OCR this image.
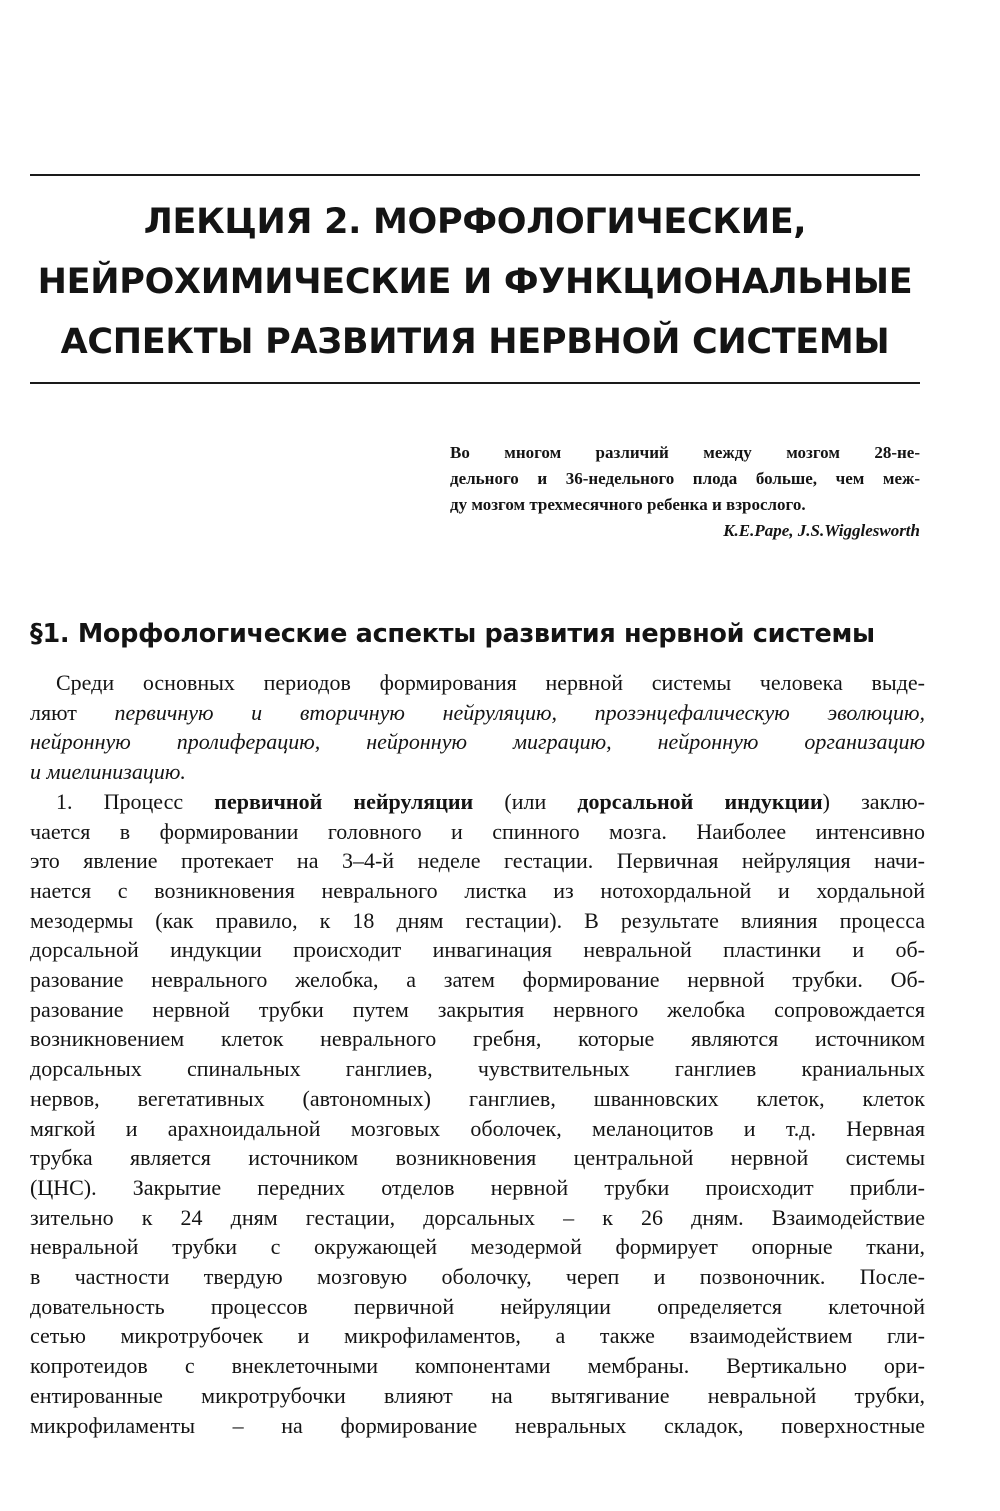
ЛЕКЦИЯ 2. МОРФОЛОГИЧЕСКИЕ,
НЕЙРОХИМИЧЕСКИЕ И ФУНКЦИОНАЛЬНЫЕ
АСПЕКТЫ РАЗВИТИЯ НЕРВНОЙ СИСТЕМЫ
Во многом различий между мозгом 28-не-
дельного и 36-недельного плода больше, чем меж-
ду мозгом трехмесячного ребенка и взрослого.
K.E.Pape, J.S.Wigglesworth
§1. Морфологические аспекты развития нервной системы
Среди основных периодов формирования нервной системы человека выде-
ляют первичную и вторичную нейруляцию, прозэнцефалическую эволюцию,
нейронную пролиферацию, нейронную миграцию, нейронную организацию
и миелинизацию.
1. Процесс первичной нейруляции (или дорсальной индукции) заклю-
чается в формировании головного и спинного мозга. Наиболее интенсивно
это явление протекает на 3–4-й неделе гестации. Первичная нейруляция начи-
нается с возникновения неврального листка из нотохордальной и хордальной
мезодермы (как правило, к 18 дням гестации). В результате влияния процесса
дорсальной индукции происходит инвагинация невральной пластинки и об-
разование неврального желобка, а затем формирование нервной трубки. Об-
разование нервной трубки путем закрытия нервного желобка сопровождается
возникновением клеток неврального гребня, которые являются источником
дорсальных спинальных ганглиев, чувствительных ганглиев краниальных
нервов, вегетативных (автономных) ганглиев, шванновских клеток, клеток
мягкой и арахноидальной мозговых оболочек, меланоцитов и т.д. Нервная
трубка является источником возникновения центральной нервной системы
(ЦНС). Закрытие передних отделов нервной трубки происходит прибли-
зительно к 24 дням гестации, дорсальных – к 26 дням. Взаимодействие
невральной трубки с окружающей мезодермой формирует опорные ткани,
в частности твердую мозговую оболочку, череп и позвоночник. После-
довательность процессов первичной нейруляции определяется клеточной
сетью микротрубочек и микрофиламентов, а также взаимодействием гли-
копротеидов с внеклеточными компонентами мембраны. Вертикально ори-
ентированные микротрубочки влияют на вытягивание невральной трубки,
микрофиламенты – на формирование невральных складок, поверхностные
